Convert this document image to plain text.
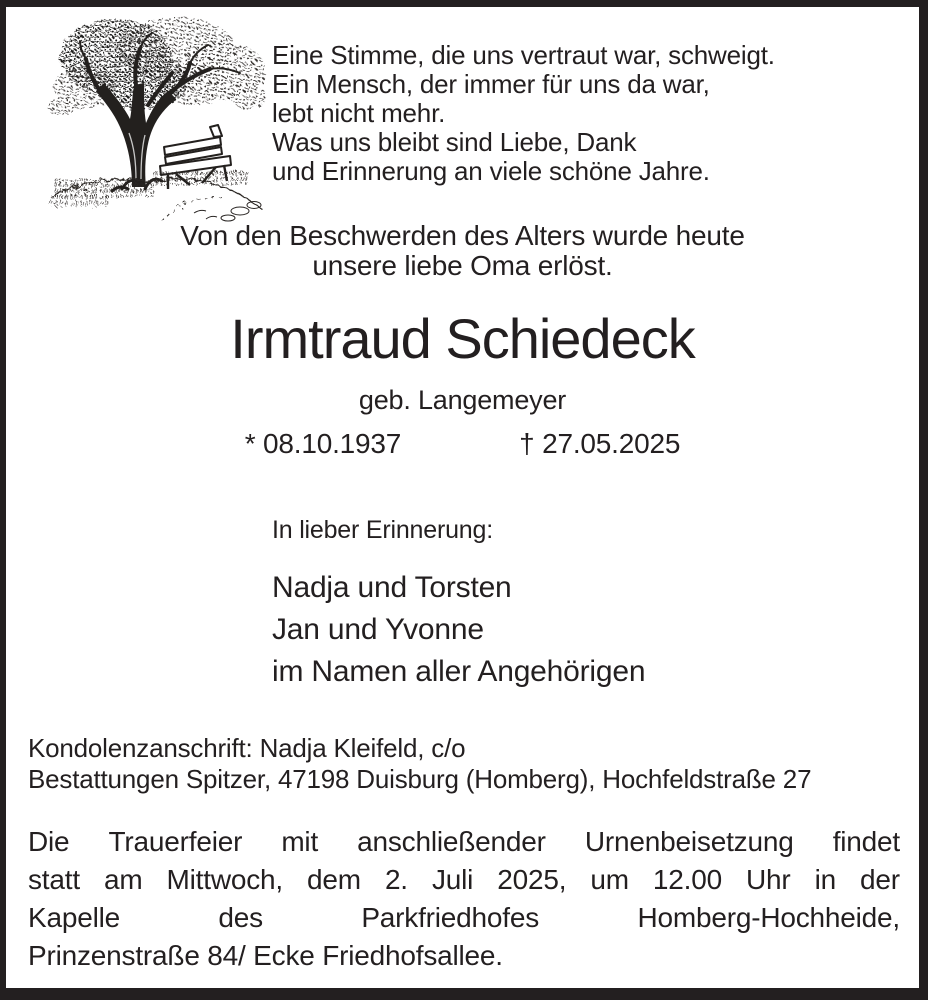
Eine Stimme, die uns vertraut war, schweigt.
Ein Mensch, der immer für uns da war,
lebt nicht mehr.
Was uns bleibt sind Liebe, Dank
und Erinnerung an viele schöne Jahre.
Von den Beschwerden des Alters wurde heute
unsere liebe Oma erlöst.
Irmtraud Schiedeck
geb. Langemeyer
* 08.10.1937	† 27.05.2025
In lieber Erinnerung:
Nadja und Torsten
Jan und Yvonne
im Namen aller Angehörigen
Kondolenzanschrift: Nadja Kleifeld, c/o
Bestattungen Spitzer, 47198 Duisburg (Homberg), Hochfeldstraße 27
Die Trauerfeier mit anschließender Urnenbeisetzung findet
statt am Mittwoch, dem 2. Juli 2025, um 12.00 Uhr in der
Kapelle	des	Parkfriedhofes	Homberg-Hochheide,
Prinzenstraße 84/ Ecke Friedhofsallee.
